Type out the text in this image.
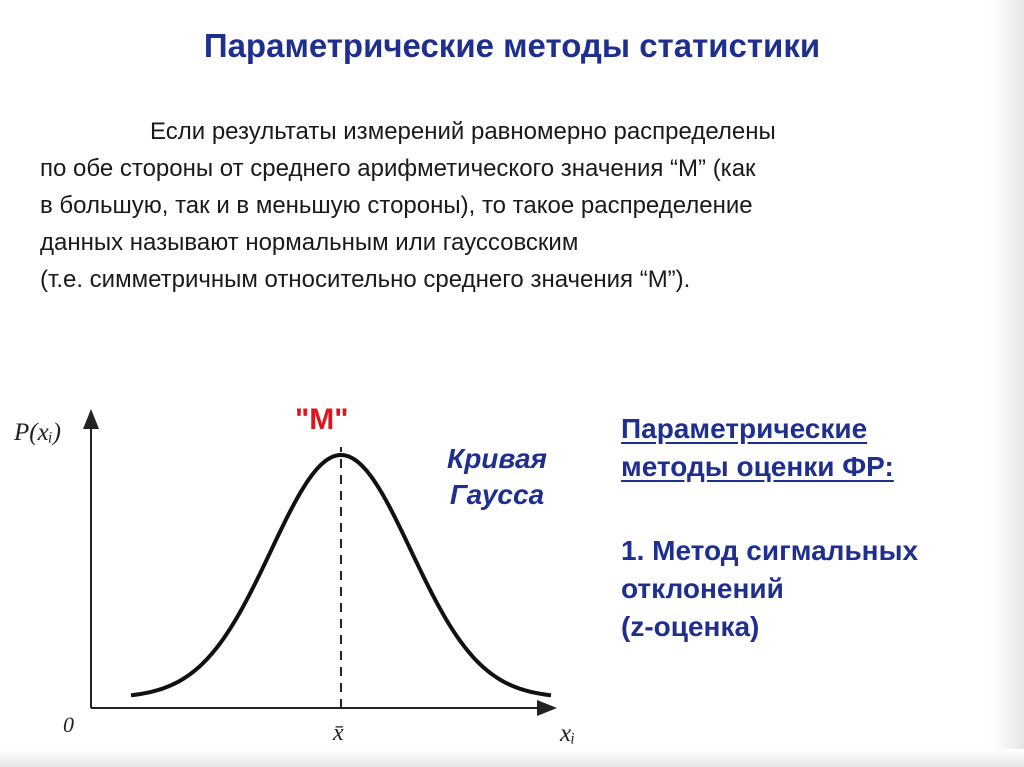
Параметрические методы статистики
Если результаты измерений равномерно распределены
по обе стороны от среднего арифметического значения “М” (как
в большую, так и в меньшую стороны), то такое распределение
данных называют нормальным или гауссовским
(т.е. симметричным относительно среднего значения “М”).
P(xᵢ)
xᵢ
0	x̄
"М"
Кривая
Гаусса
Параметрические
методы оценки ФР:
1. Метод сигмальных
отклонений
(z-оценка)
